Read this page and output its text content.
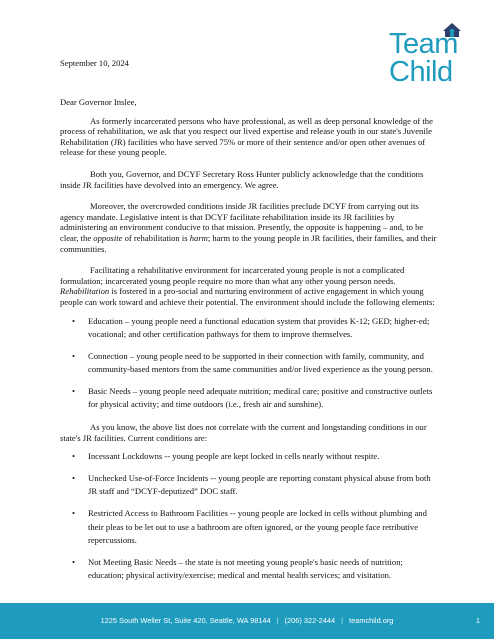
Team
Child
September 10, 2024

Dear Governor Inslee,

As formerly incarcerated persons who have professional, as well as deep personal knowledge of the process of rehabilitation, we ask that you respect our lived expertise and release youth in our state's Juvenile Rehabilitation (JR) facilities who have served 75% or more of their sentence and/or open other avenues of release for these young people.

Both you, Governor, and DCYF Secretary Ross Hunter publicly acknowledge that the conditions inside JR facilities have devolved into an emergency. We agree.

Moreover, the overcrowded conditions inside JR facilities preclude DCYF from carrying out its agency mandate. Legislative intent is that DCYF facilitate rehabilitation inside its JR facilities by administering an environment conducive to that mission. Presently, the opposite is happening – and, to be clear, the opposite of rehabilitation is harm; harm to the young people in JR facilities, their families, and their communities.

Facilitating a rehabilitative environment for incarcerated young people is not a complicated formulation; incarcerated young people require no more than what any other young person needs. Rehabilitation is fostered in a pro-social and nurturing environment of active engagement in which young people can work toward and achieve their potential. The environment should include the following elements:

• Education – young people need a functional education system that provides K-12; GED; higher-ed; vocational; and other certification pathways for them to improve themselves.
• Connection – young people need to be supported in their connection with family, community, and community-based mentors from the same communities and/or lived experience as the young person.
• Basic Needs – young people need adequate nutrition; medical care; positive and constructive outlets for physical activity; and time outdoors (i.e., fresh air and sunshine).

As you know, the above list does not correlate with the current and longstanding conditions in our state's JR facilities. Current conditions are:

• Incessant Lockdowns -- young people are kept locked in cells nearly without respite.
• Unchecked Use-of-Force Incidents -- young people are reporting constant physical abuse from both JR staff and “DCYF-deputized” DOC staff.
• Restricted Access to Bathroom Facilities -- young people are locked in cells without plumbing and their pleas to be let out to use a bathroom are often ignored, or the young people face retributive repercussions.
• Not Meeting Basic Needs – the state is not meeting young people's basic needs of nutrition; education; physical activity/exercise; medical and mental health services; and visitation.
1225 South Weller St, Suite 420, Seattle, WA 98144 | (206) 322-2444 | teamchild.org	1
